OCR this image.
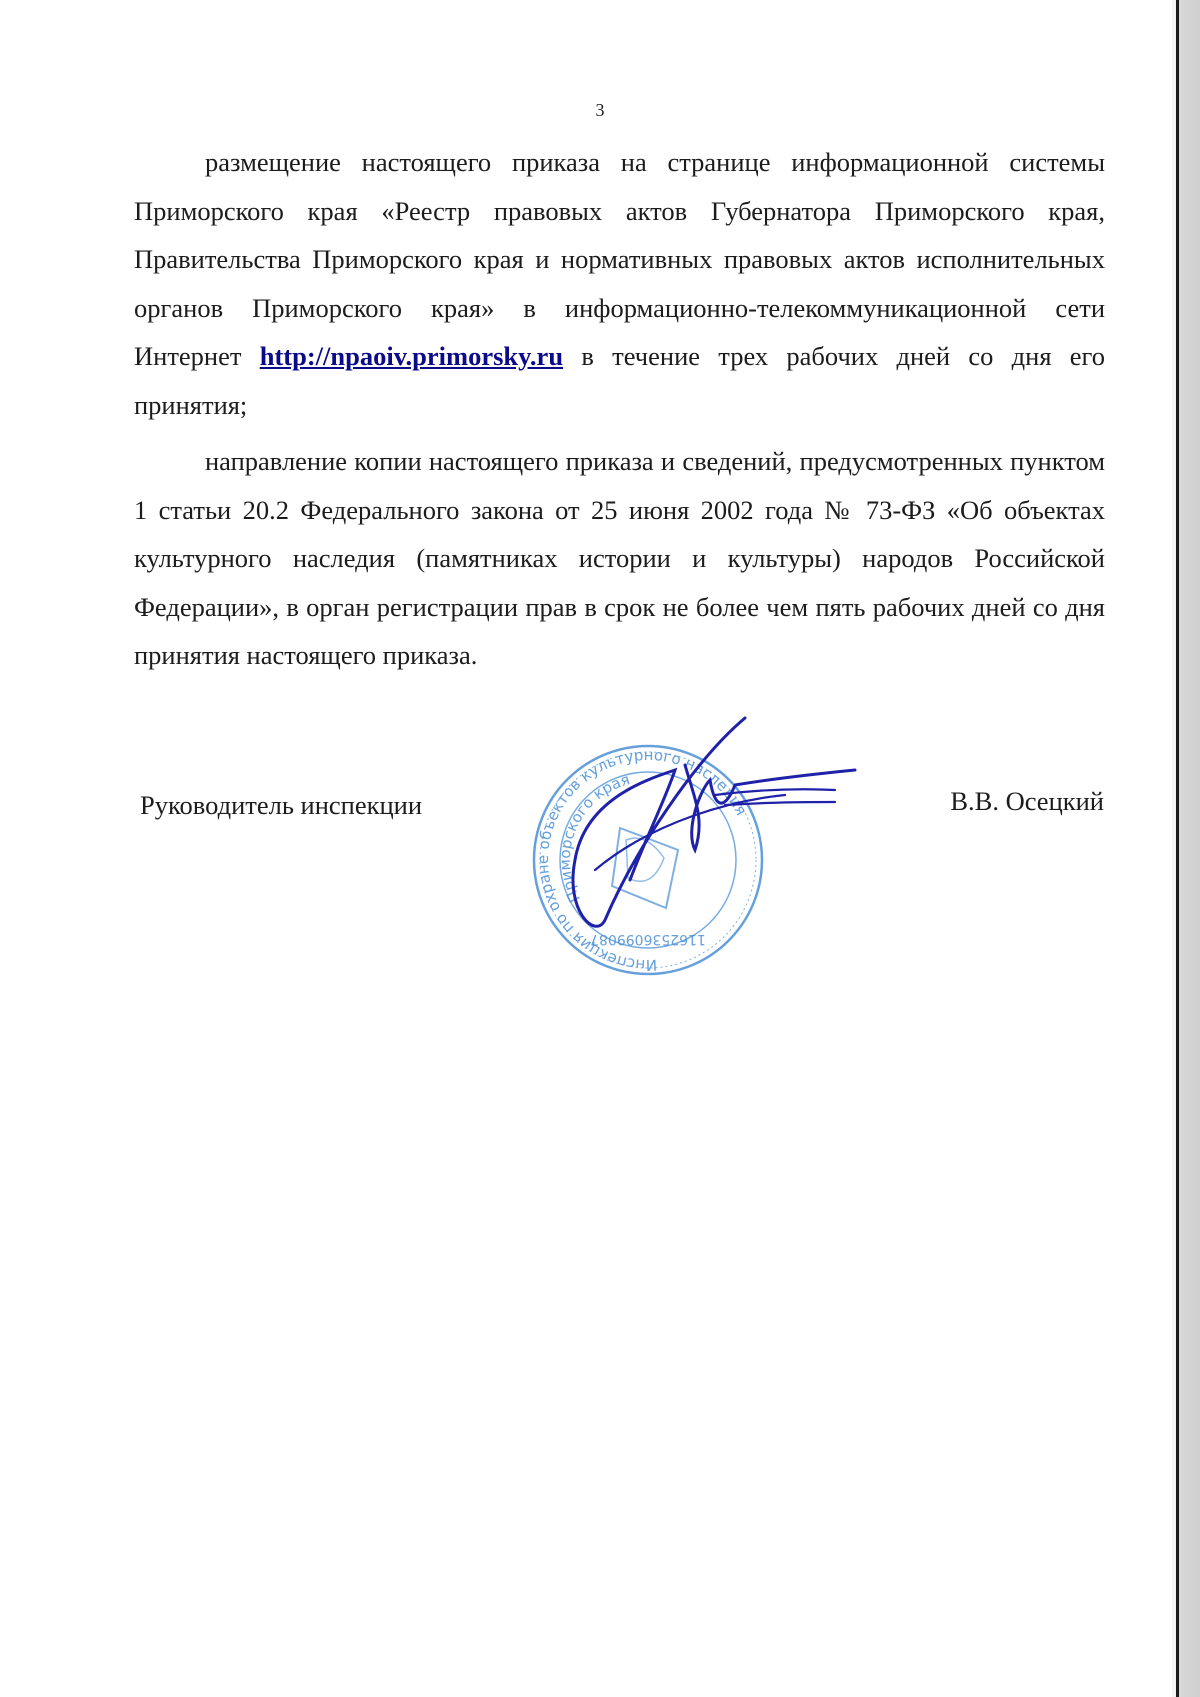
3

размещение настоящего приказа на странице информационной системы Приморского края «Реестр правовых актов Губернатора Приморского края, Правительства Приморского края и нормативных правовых актов исполнительных органов Приморского края» в информационно-телекоммуникационной сети Интернет http://npaoiv.primorsky.ru в течение трех рабочих дней со дня его принятия;

направление копии настоящего приказа и сведений, предусмотренных пунктом 1 статьи 20.2 Федерального закона от 25 июня 2002 года № 73-ФЗ «Об объектах культурного наследия (памятниках истории и культуры) народов Российской Федерации», в орган регистрации прав в срок не более чем пять рабочих дней со дня принятия настоящего приказа.

Руководитель инспекции	В.В. Осецкий
Инспекция по охране объектов культурного наследия
Приморского края
1162536099087
